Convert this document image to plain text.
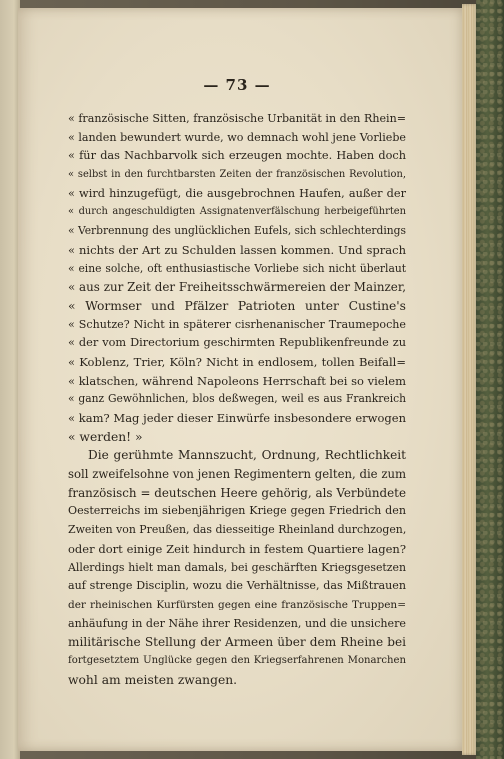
— 73 —
« französische Sitten, französische Urbanität in den Rhein=
« landen bewundert wurde, wo demnach wohl jene Vorliebe
« für das Nachbarvolk sich erzeugen mochte. Haben doch
« selbst in den furchtbarsten Zeiten der französischen Revolution,
« wird hinzugefügt, die ausgebrochnen Haufen, außer der
« durch angeschuldigten Assignatenverfälschung herbeigeführten
« Verbrennung des unglücklichen Eufels, sich schlechterdings
« nichts der Art zu Schulden lassen kommen. Und sprach
« eine solche, oft enthusiastische Vorliebe sich nicht überlaut
« aus zur Zeit der Freiheitsschwärmereien der Mainzer,
« Wormser und Pfälzer Patrioten unter Custine's
« Schutze? Nicht in späterer cisrhenanischer Traumepoche
« der vom Directorium geschirmten Republikenfreunde zu
« Koblenz, Trier, Köln? Nicht in endlosem, tollen Beifall=
« klatschen, während Napoleons Herrschaft bei so vielem
« ganz Gewöhnlichen, blos deßwegen, weil es aus Frankreich
« kam? Mag jeder dieser Einwürfe insbesondere erwogen
« werden! »
Die gerühmte Mannszucht, Ordnung, Rechtlichkeit
soll zweifelsohne von jenen Regimentern gelten, die zum
französisch = deutschen Heere gehörig, als Verbündete
Oesterreichs im siebenjährigen Kriege gegen Friedrich den
Zweiten von Preußen, das diesseitige Rheinland durchzogen,
oder dort einige Zeit hindurch in festem Quartiere lagen?
Allerdings hielt man damals, bei geschärften Kriegsgesetzen
auf strenge Disciplin, wozu die Verhältnisse, das Mißtrauen
der rheinischen Kurfürsten gegen eine französische Truppen=
anhäufung in der Nähe ihrer Residenzen, und die unsichere
militärische Stellung der Armeen über dem Rheine bei
fortgesetztem Unglücke gegen den Kriegserfahrenen Monarchen
wohl am meisten zwangen.
